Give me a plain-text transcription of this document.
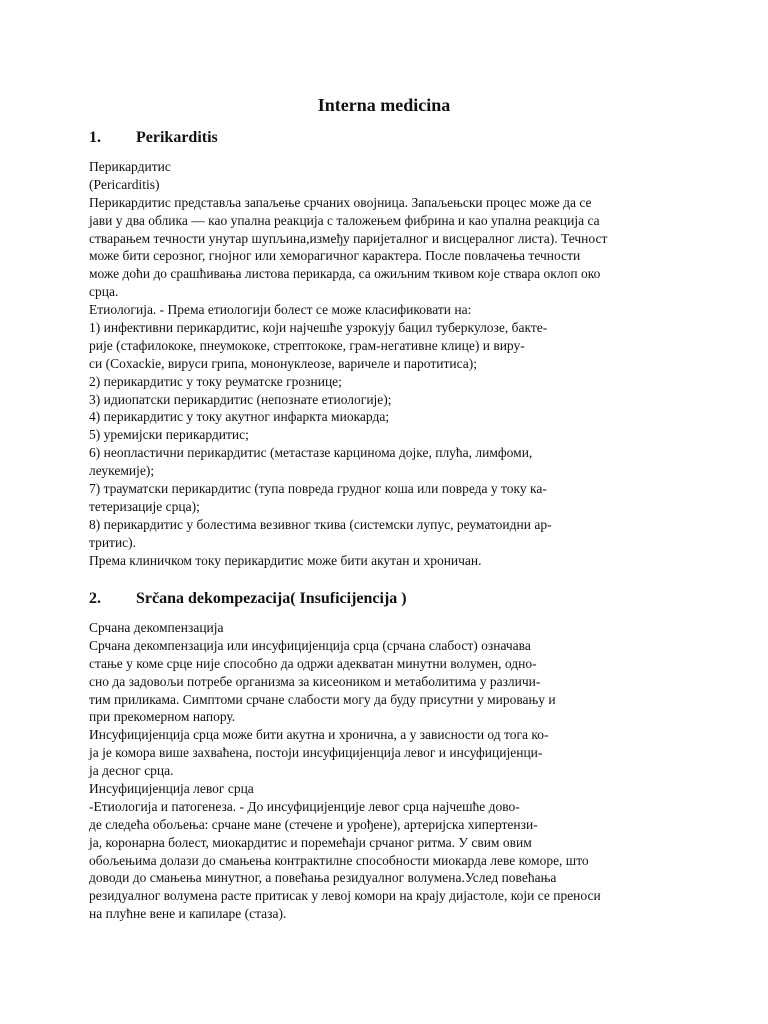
Interna medicina
1. Perikarditis
Перикардитис
(Pericarditis)
Перикардитис представља запаљење срчаних овојница. Запаљењски процес може да се
јави у два облика — као упална реакција с таложењем фибрина и као упална реакција са
стварањем течности унутар шупљина,између паријеталног и висцералног листа). Течност
може бити серозног, гнојног или хеморагичног карактера. После повлачења течности
може доћи до срашћивања листова перикарда, са ожиљним ткивом које ствара оклоп око
срца.
Етиологија. - Према етиологији болест се може класификовати на:
1) инфективни перикардитис, који најчешће узрокују бацил туберкулозе, бакте-
рије (стафилококе, пнеумококе, стрептококе, грам-негативне клице) и виру-
си (Coxackie, вируси грипа, мононуклеозе, варичеле и паротитиса);
2) перикардитис у току реуматске грознице;
3) идиопатски перикардитис (непознате етиологије);
4) перикардитис у току акутног инфаркта миокарда;
5) уремијски перикардитис;
6) неопластични перикардитис (метастазе карцинома дојке, плућа, лимфоми,
леукемије);
7) трауматски перикардитис (тупа повреда грудног коша или повреда у току ка-
тетеризације срца);
8) перикардитис у болестима везивног ткива (системски лупус, реуматоидни ар-
тритис).
Према клиничком току перикардитис може бити акутан и хроничан.
2. Srčana dekompezacija( Insuficijencija )
Срчана декомпензација
Срчана декомпензација или инсуфицијенција срца (срчана слабост) означава
стање у коме срце није способно да одржи адекватан минутни волумен, одно-
сно да задовољи потребе организма за кисеоником и метаболитима у различи-
тим приликама. Симптоми срчане слабости могу да буду присутни у мировању и
при прекомерном напору.
Инсуфицијенција срца може бити акутна и хронична, а у зависности од тога ко-
ја је комора више захваћена, постоји инсуфицијенција левог и инсуфицијенци-
ја десног срца.
Инсуфицијенција левог срца
-Етиологија и патогенеза. - До инсуфицијенције левог срца најчешће дово-
де следећа обољења: срчане мане (стечене и урођене), артеријска хипертензи-
ја, коронарна болест, миокардитис и поремећаји срчаног ритма. У свим овим
обољењима долази до смањења контрактилне способности миокарда леве коморе, што
доводи до смањења минутног, а повећања резидуалног волумена.Услед повећања
резидуалног волумена расте притисак у левој комори на крају дијастоле, који се преноси
на плућне вене и капиларе (стаза).
